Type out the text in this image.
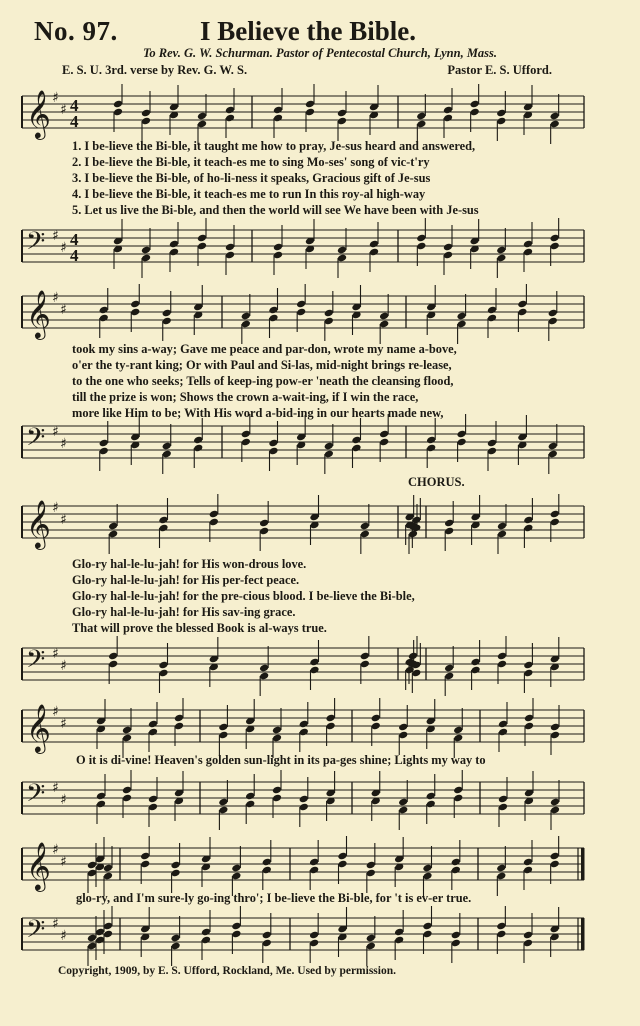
No. 97.	I Believe the Bible.
To Rev. G. W. Schurman. Pastor of Pentecostal Church, Lynn, Mass.
E. S. U. 3rd. verse by Rev. G. W. S.	Pastor E. S. Ufford.
𝄞 ♯
♯ 4
4
1. I be-lieve the Bi-ble, it taught me how to pray, Je-sus heard and answered,
2. I be-lieve the Bi-ble, it teach-es me to sing Mo-ses' song of vic-t'ry
3. I be-lieve the Bi-ble, of ho-li-ness it speaks, Gracious gift of Je-sus
4. I be-lieve the Bi-ble, it teach-es me to run In this roy-al high-way
5. Let us live the Bi-ble, and then the world will see We have been with Je-sus
𝄢 ♯
♯ 4
4
𝄞 ♯
♯
took my sins a-way; Gave me peace and par-don, wrote my name a-bove,
o'er the ty-rant king; Or with Paul and Si-las, mid-night brings re-lease,
to the one who seeks; Tells of keep-ing pow-er 'neath the cleansing flood,
till the prize is won; Shows the crown a-wait-ing, if I win the race,
more like Him to be; With His word a-bid-ing in our hearts made new,
𝄢 ♯
♯
CHORUS.
𝄞 ♯
♯
Glo-ry hal-le-lu-jah! for His won-drous love.
Glo-ry hal-le-lu-jah! for His per-fect peace.
Glo-ry hal-le-lu-jah! for the pre-cious blood. I be-lieve the Bi-ble,
Glo-ry hal-le-lu-jah! for His sav-ing grace.
That will prove the blessed Book is al-ways true.
𝄢 ♯
♯
𝄞 ♯
♯
O it is di-vine! Heaven's golden sun-light in its pa-ges shine; Lights my way to
𝄢 ♯
♯
𝄞 ♯
♯
glo-ry, and I'm sure-ly go-ing thro'; I be-lieve the Bi-ble, for 't is ev-er true.
𝄢 ♯
♯
Copyright, 1909, by E. S. Ufford, Rockland, Me. Used by permission.
